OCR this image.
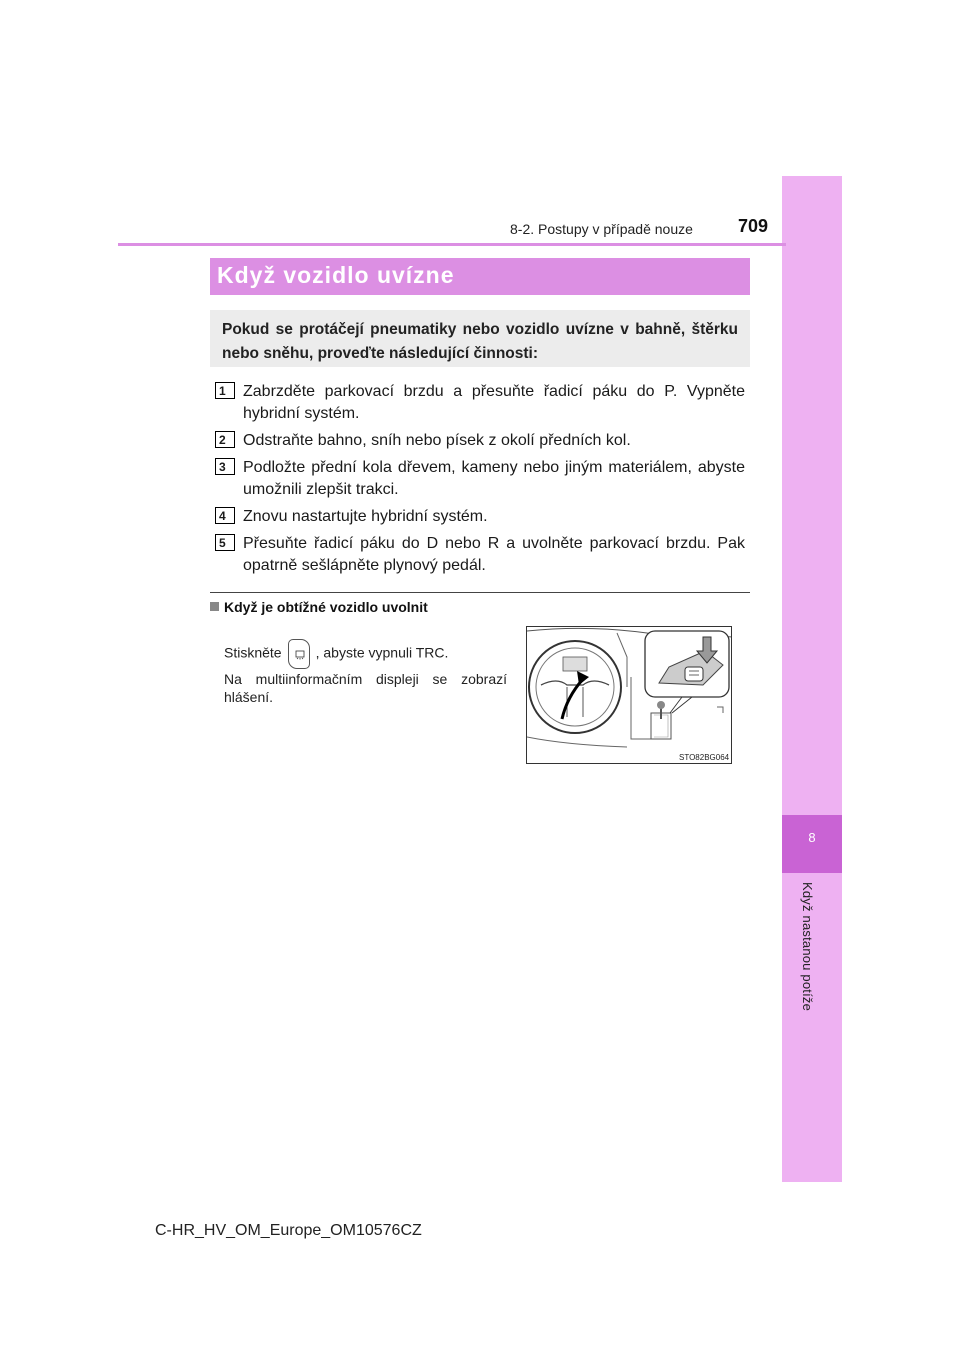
8
Když nastanou potíže
8-2. Postupy v případě nouze	709
Když vozidlo uvízne
Pokud se protáčejí pneumatiky nebo vozidlo uvízne v bahně, štěrku nebo sněhu, proveďte následující činnosti:
1	Zabrzděte parkovací brzdu a přesuňte řadicí páku do P. Vypněte hybridní systém.
2	Odstraňte bahno, sníh nebo písek z okolí předních kol.
3	Podložte přední kola dřevem, kameny nebo jiným materiálem, abyste umožnili zlepšit trakci.
4	Znovu nastartujte hybridní systém.
5	Přesuňte řadicí páku do D nebo R a uvolněte parkovací brzdu. Pak opatrně sešlápněte plynový pedál.
Když je obtížné vozidlo uvolnit
Stiskněte , abyste vypnuli TRC.
Na multiinformačním displeji se zobrazí hlášení.
STO82BG064
C-HR_HV_OM_Europe_OM10576CZ
